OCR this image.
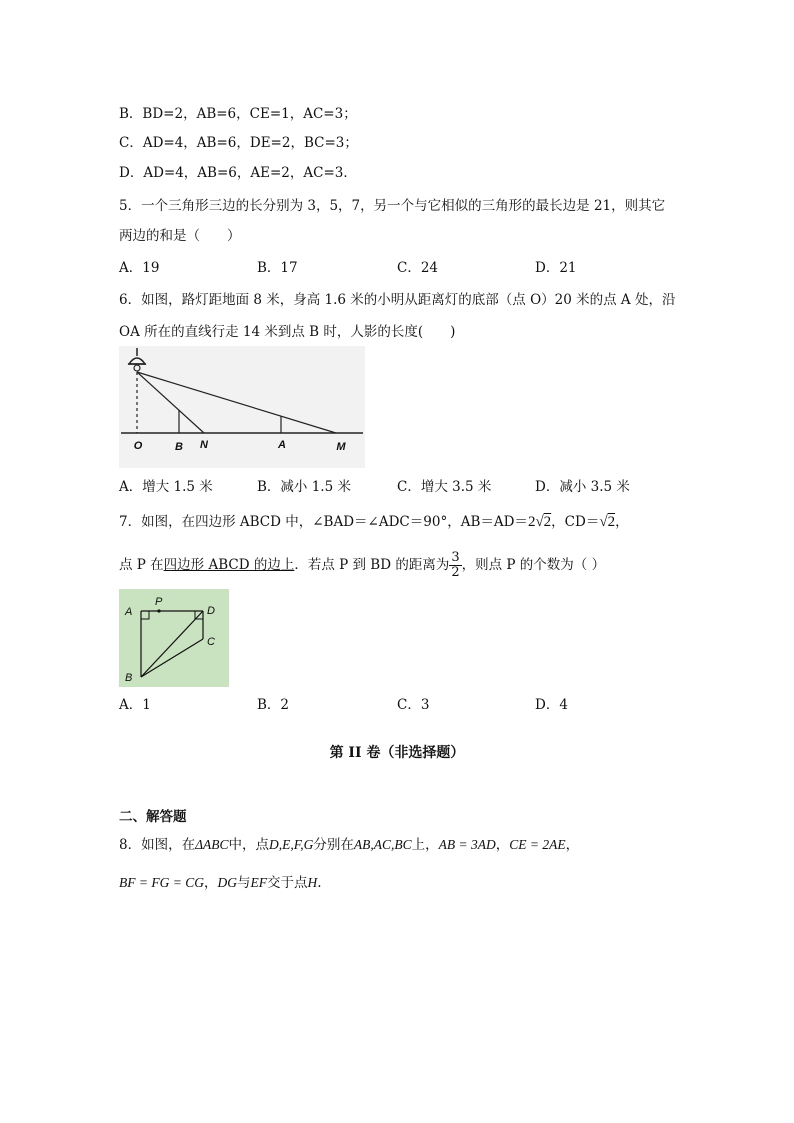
B．BD=2，AB=6，CE=1，AC=3；
C．AD=4，AB=6，DE=2，BC=3；
D．AD=4，AB=6，AE=2，AC=3．
5．一个三角形三边的长分别为 3，5，7，另一个与它相似的三角形的最长边是 21，则其它
两边的和是（　　）
A．19	B．17	C．24	D．21
6．如图，路灯距地面 8 米，身高 1.6 米的小明从距离灯的底部（点 O）20 米的点 A 处，沿
OA 所在的直线行走 14 米到点 B 时，人影的长度(　　)
O	B N	A	M
A．增大 1.5 米	B．减小 1.5 米	C．增大 3.5 米	D．减小 3.5 米
7．如图，在四边形 ABCD 中，∠BAD＝∠ADC＝90°，AB＝AD＝2√2，CD＝√2，
点 P 在四边形 ABCD 的边上．若点 P 到 BD 的距离为 $\frac{3}{2}$ ，则点 P 的个数为（ ）
A
P
D
C
B
A．1	B．2	C．3	D．4
第 II 卷（非选择题）
二、解答题
8．如图，在ΔABC中，点D,E,F,G分别在AB,AC,BC上，AB = 3AD，CE = 2AE，
BF = FG = CG，DG与EF交于点H.
